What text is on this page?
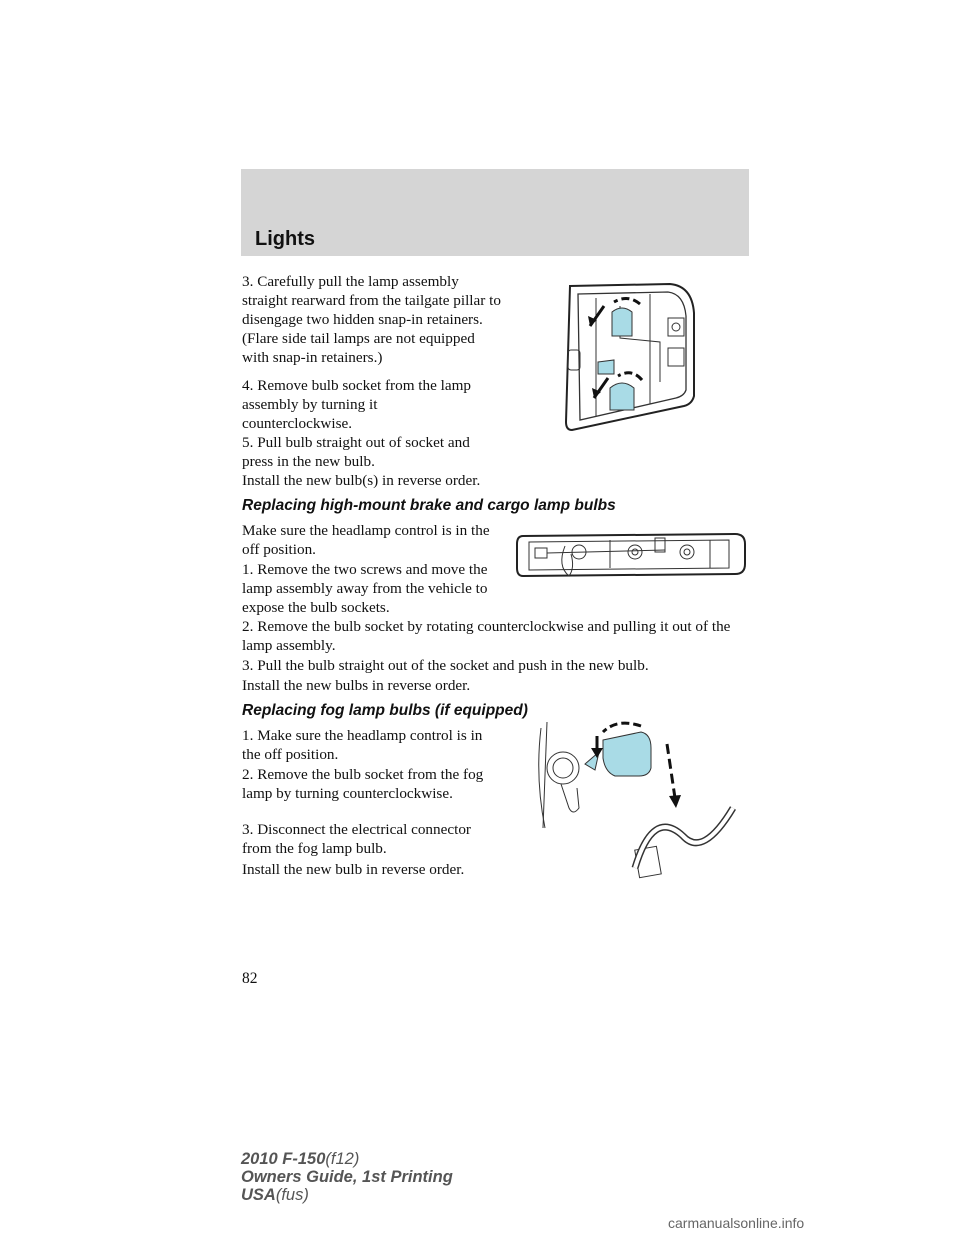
Lights

3. Carefully pull the lamp assembly straight rearward from the tailgate pillar to disengage two hidden snap-in retainers. (Flare side tail lamps are not equipped with snap-in retainers.)

4. Remove bulb socket from the lamp assembly by turning it counterclockwise.

5. Pull bulb straight out of socket and press in the new bulb.

Install the new bulb(s) in reverse order.

Replacing high-mount brake and cargo lamp bulbs

Make sure the headlamp control is in the off position.

1. Remove the two screws and move the lamp assembly away from the vehicle to expose the bulb sockets.

2. Remove the bulb socket by rotating counterclockwise and pulling it out of the lamp assembly.

3. Pull the bulb straight out of the socket and push in the new bulb.

Install the new bulbs in reverse order.

Replacing fog lamp bulbs (if equipped)

1. Make sure the headlamp control is in the off position.

2. Remove the bulb socket from the fog lamp by turning counterclockwise.

3. Disconnect the electrical connector from the fog lamp bulb.

Install the new bulb in reverse order.

82
2010 F-150(f12)
Owners Guide, 1st Printing
USA(fus)
carmanualsonline.info
